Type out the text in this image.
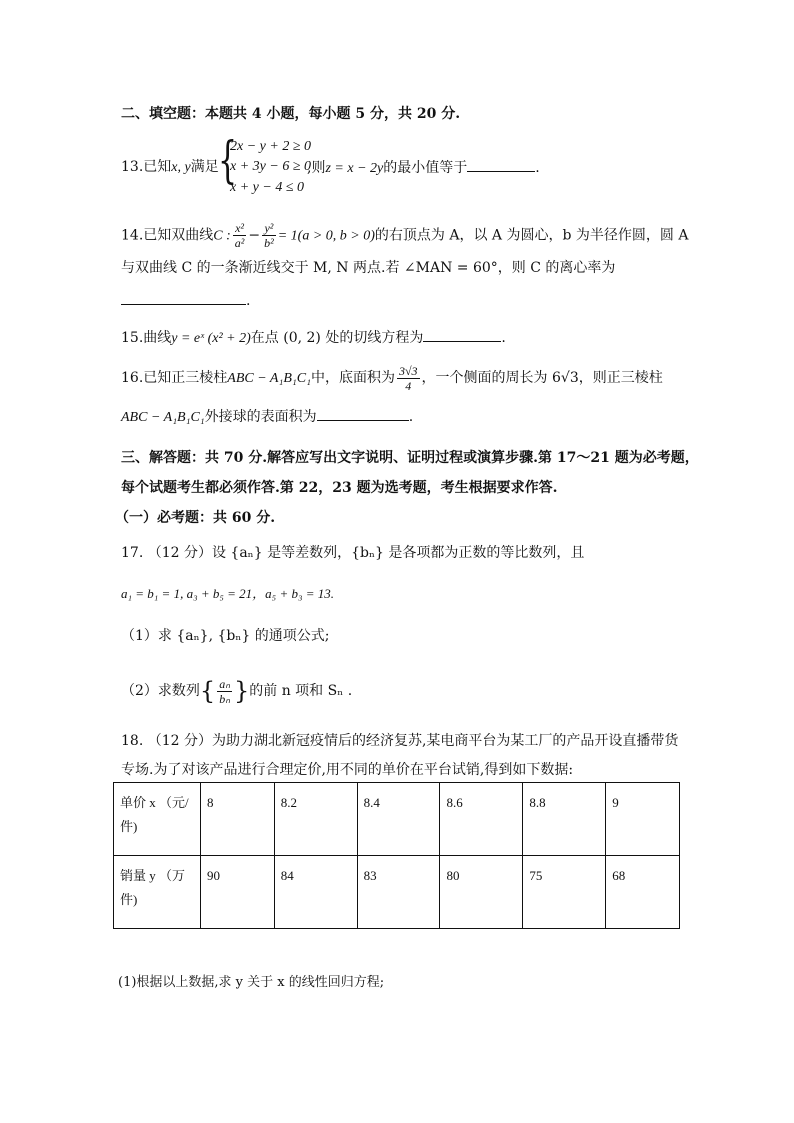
二、填空题：本题共 4 小题，每小题 5 分，共 20 分.
13.已知x, y满足 {
2x − y + 2 ≥ 0
x + 3y − 6 ≥ 0
x + y − 4 ≤ 0
,则z = x − 2y的最小值等于	.
14.已知双曲线C : $\frac{\text{x²}}{\text{a²}} - \frac{\text{y²}}{\text{b²}} = 1(a > 0$, b > 0)的右顶点为 A，以 A 为圆心，b 为半径作圆，圆 A
与双曲线 C 的一条渐近线交于 M, N 两点.若 ∠MAN = 60°，则 C 的离心率为
.
15.曲线y = eˣ (x² + 2)在点 (0, 2) 处的切线方程为	.
16.已知正三棱柱ABC − A₁B₁C₁中，底面积为 $\frac{3√3}{4}$ ，一个侧面的周长为 6√3，则正三棱柱
ABC − A₁B₁C₁外接球的表面积为	.
三、解答题：共 70 分.解答应写出文字说明、证明过程或演算步骤.第 17～21 题为必考题，
每个试题考生都必须作答.第 22，23 题为选考题，考生根据要求作答.
（一）必考题：共 60 分.
17. （12 分）设 {aₙ} 是等差数列，{bₙ} 是各项都为正数的等比数列，且
a₁ = b₁ = 1, a₃ + b₅ = 21，a₅ + b₃ = 13.
（1）求 {aₙ}, {bₙ} 的通项公式;
（2）求数列{ $\frac{\text{aₙ}}{\text{bₙ}}$ }的前 n 项和 Sₙ .
18. （12 分）为助力湖北新冠疫情后的经济复苏,某电商平台为某工厂的产品开设直播带货
专场.为了对该产品进行合理定价,用不同的单价在平台试销,得到如下数据:
单价 x （元/件)	8	8.2	8.4	8.6	8.8	9
销量 y （万件)	90	84	83	80	75	68
(1)根据以上数据,求 y 关于 x 的线性回归方程;
